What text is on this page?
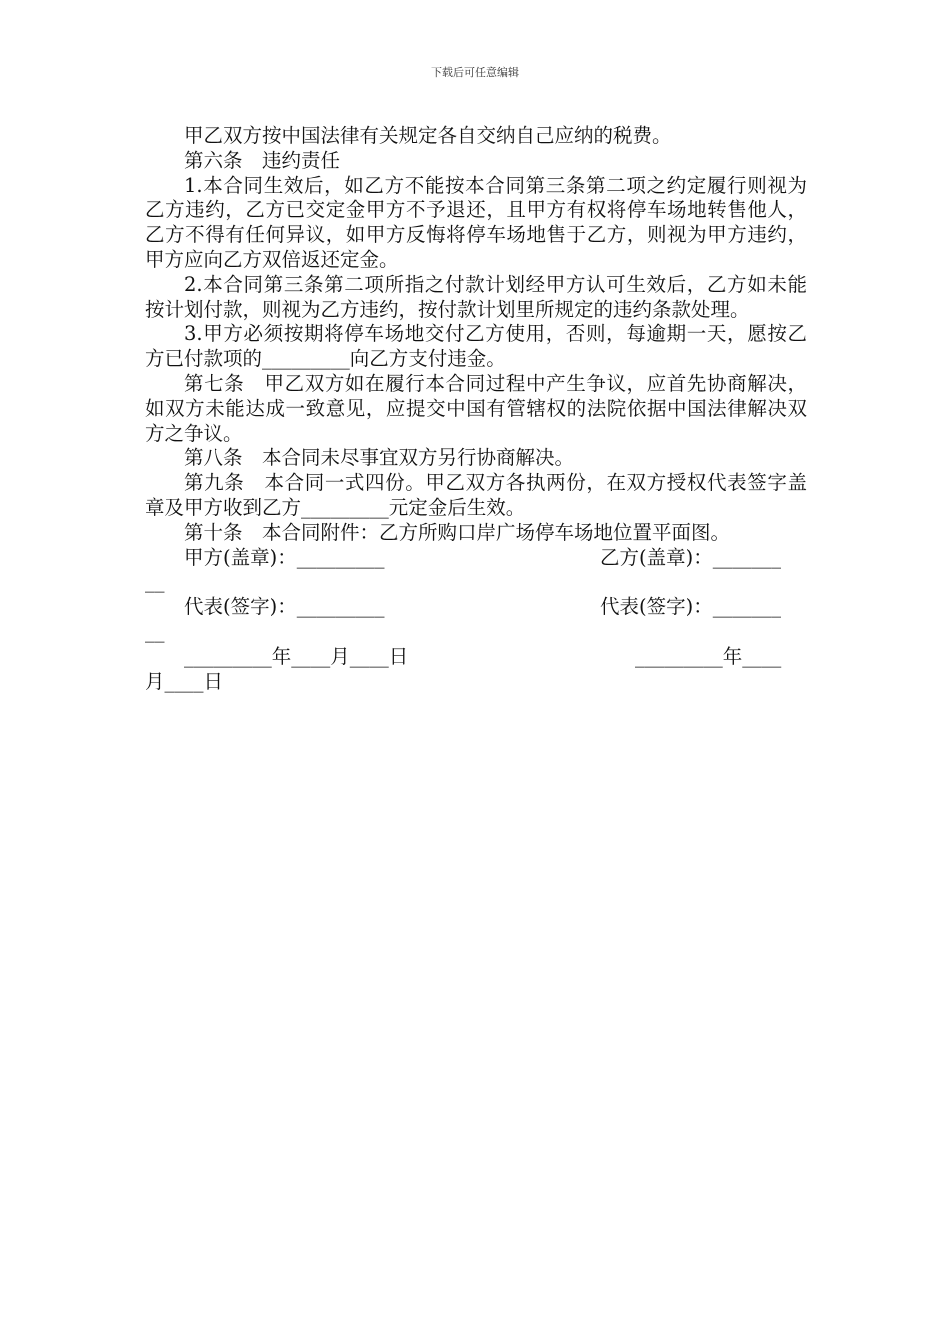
下载后可任意编辑

甲乙双方按中国法律有关规定各自交纳自己应纳的税费。

第六条　违约责任

1.本合同生效后，如乙方不能按本合同第三条第二项之约定履行则视为乙方违约，乙方已交定金甲方不予退还，且甲方有权将停车场地转售他人，乙方不得有任何异议，如甲方反悔将停车场地售于乙方，则视为甲方违约，甲方应向乙方双倍返还定金。

2.本合同第三条第二项所指之付款计划经甲方认可生效后，乙方如未能按计划付款，则视为乙方违约，按付款计划里所规定的违约条款处理。

3.甲方必须按期将停车场地交付乙方使用，否则，每逾期一天，愿按乙方已付款项的_________向乙方支付违金。

第七条　甲乙双方如在履行本合同过程中产生争议，应首先协商解决，如双方未能达成一致意见，应提交中国有管辖权的法院依据中国法律解决双方之争议。

第八条　本合同未尽事宜双方另行协商解决。

第九条　本合同一式四份。甲乙双方各执两份，在双方授权代表签字盖章及甲方收到乙方_________元定金后生效。

第十条　本合同附件：乙方所购口岸广场停车场地位置平面图。

甲方(盖章)：_________	乙方(盖章)：_______
__
代表(签字)：_________	代表(签字)：_______
__
_________年____月____日	_________年____
月____日
